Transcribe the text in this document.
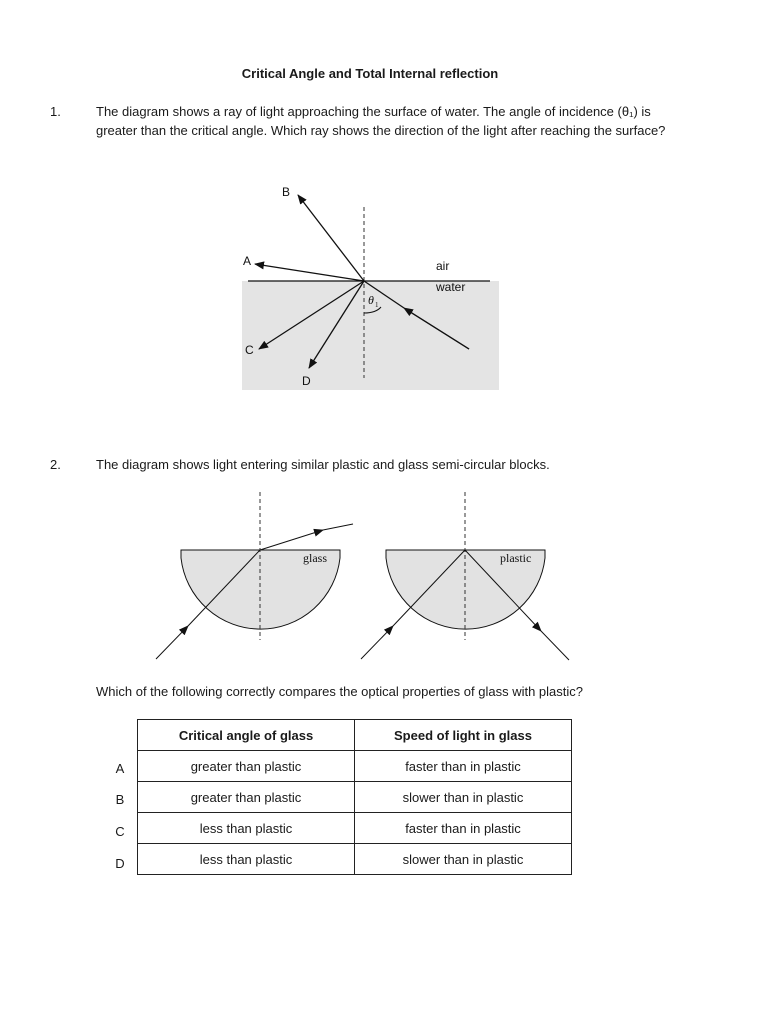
Critical Angle and Total Internal reflection
1.	The diagram shows a ray of light approaching the surface of water. The angle of incidence (θ₁) is greater than the critical angle. Which ray shows the direction of the light after reaching the surface?
B
A
C
D
air
water
θ 1
glass	plastic
2.	The diagram shows light entering similar plastic and glass semi-circular blocks.
Which of the following correctly compares the optical properties of glass with plastic?
A
B
C
D
Critical angle of glass	Speed of light in glass
greater than plastic	faster than in plastic
greater than plastic	slower than in plastic
less than plastic	faster than in plastic
less than plastic	slower than in plastic
